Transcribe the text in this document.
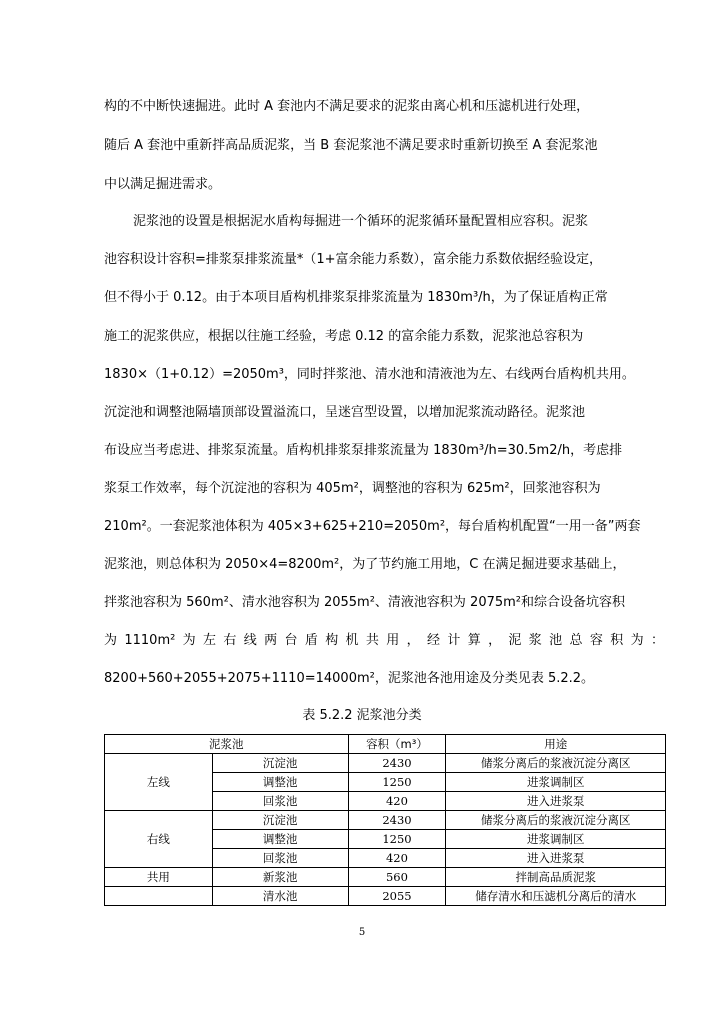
构的不中断快速掘进。此时 A 套池内不满足要求的泥浆由离心机和压滤机进行处理，
随后 A 套池中重新拌高品质泥浆，当 B 套泥浆池不满足要求时重新切换至 A 套泥浆池
中以满足掘进需求。
泥浆池的设置是根据泥水盾构每掘进一个循环的泥浆循环量配置相应容积。泥浆
池容积设计容积=排浆泵排浆流量*（1+富余能力系数），富余能力系数依据经验设定，
但不得小于 0.12。由于本项目盾构机排浆泵排浆流量为 1830m³/h，为了保证盾构正常
施工的泥浆供应，根据以往施工经验，考虑 0.12 的富余能力系数，泥浆池总容积为
1830×（1+0.12）=2050m³，同时拌浆池、清水池和清液池为左、右线两台盾构机共用。
沉淀池和调整池隔墙顶部设置溢流口，呈迷宫型设置，以增加泥浆流动路径。泥浆池
布设应当考虑进、排浆泵流量。盾构机排浆泵排浆流量为 1830m³/h=30.5m2/h，考虑排
浆泵工作效率，每个沉淀池的容积为 405m²，调整池的容积为 625m²，回浆池容积为
210m²。一套泥浆池体积为 405×3+625+210=2050m²，每台盾构机配置“一用一备”两套
泥浆池，则总体积为 2050×4=8200m²，为了节约施工用地，C 在满足掘进要求基础上，
拌浆池容积为 560m²、清水池容积为 2055m²、清液池容积为 2075m²和综合设备坑容积
为 1110m² 为 左 右 线 两 台 盾 构 机 共 用 ， 经 计 算 ， 泥 浆 池 总 容 积 为 ：
8200+560+2055+2075+1110=14000m²，泥浆池各池用途及分类见表 5.2.2。
表 5.2.2 泥浆池分类
泥浆池		容积（m³）	用途
左线	沉淀池	2430	储浆分离后的浆液沉淀分离区
	调整池	1250	进浆调制区
	回浆池	420	进入进浆泵
右线	沉淀池	2430	储浆分离后的浆液沉淀分离区
	调整池	1250	进浆调制区
	回浆池	420	进入进浆泵
共用	新浆池	560	拌制高品质泥浆
	清水池	2055	储存清水和压滤机分离后的清水
5
